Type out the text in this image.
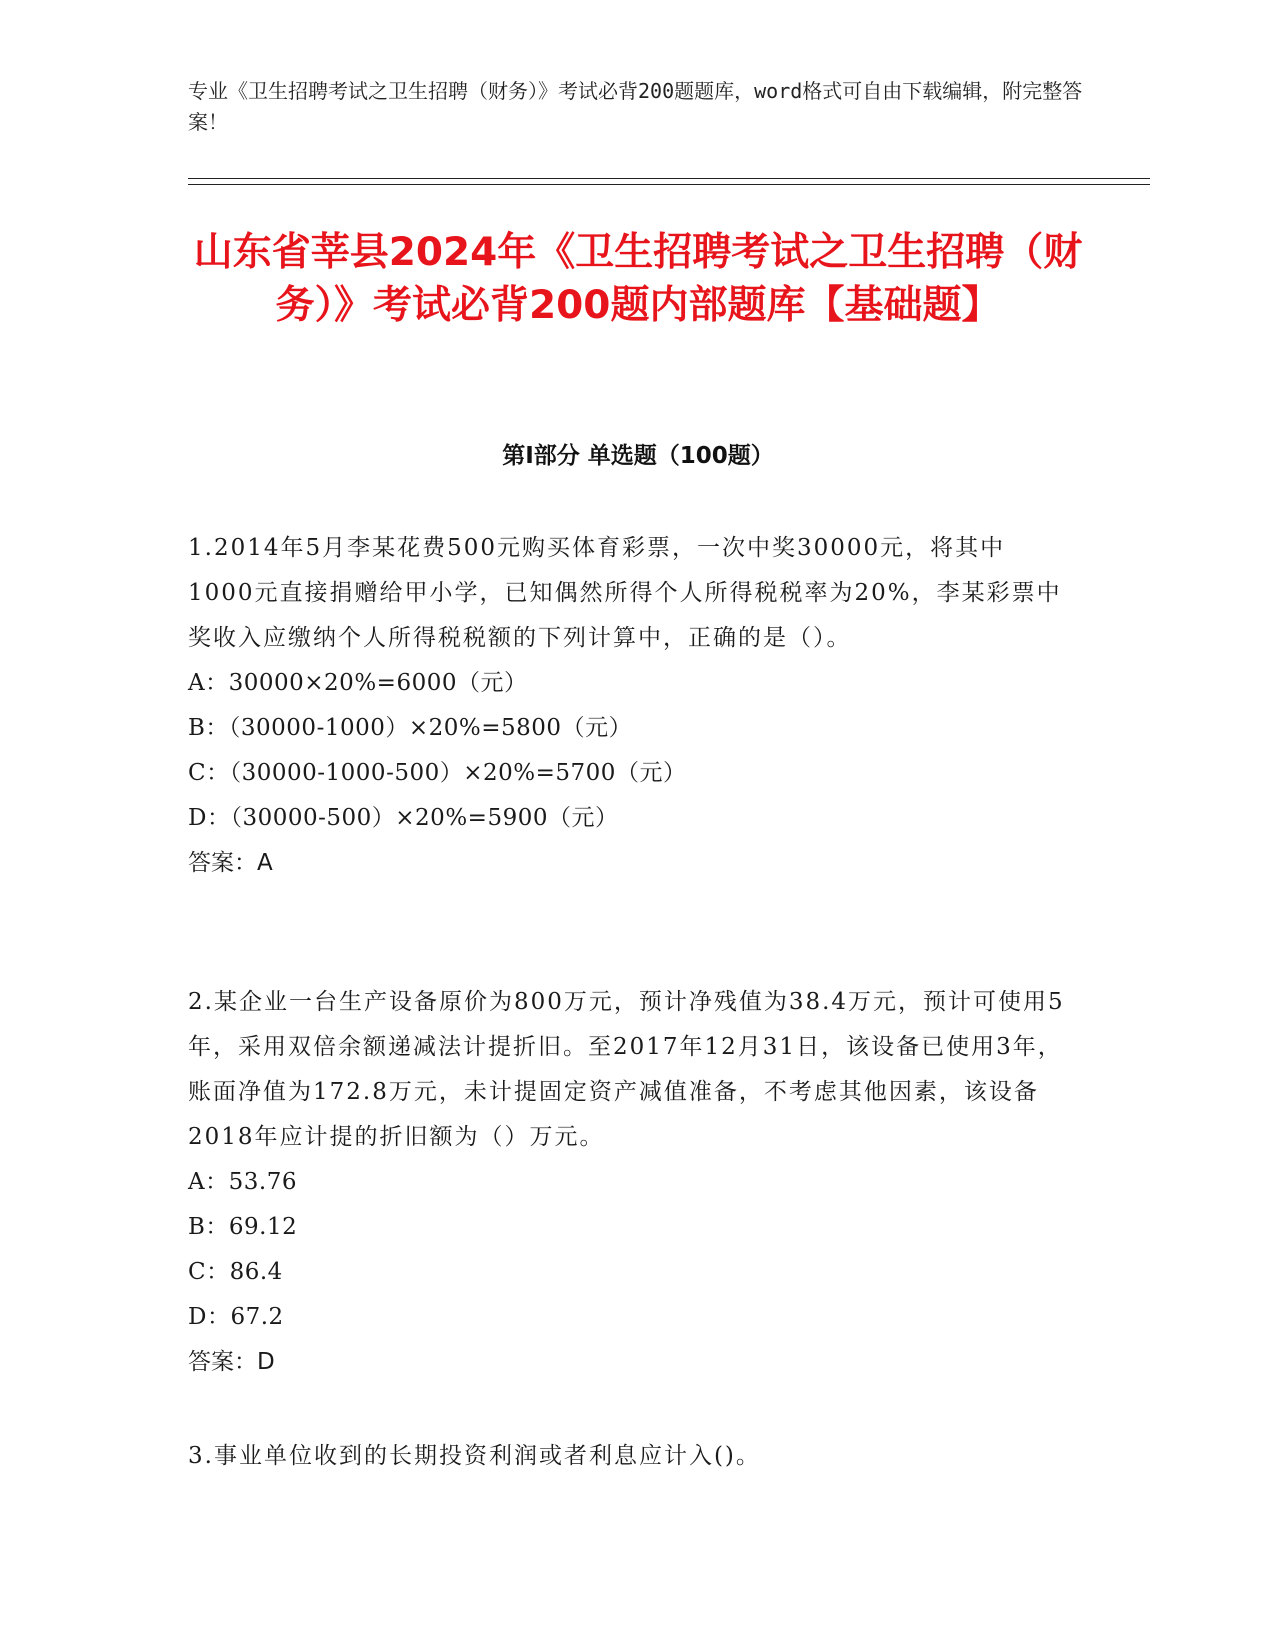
专业《卫生招聘考试之卫生招聘（财务）》考试必背200题题库，word格式可自由下载编辑，附完整答案！
山东省莘县2024年《卫生招聘考试之卫生招聘（财务）》考试必背200题内部题库【基础题】
第I部分 单选题（100题）
1.2014年5月李某花费500元购买体育彩票，一次中奖30000元，将其中1000元直接捐赠给甲小学，已知偶然所得个人所得税税率为20%，李某彩票中奖收入应缴纳个人所得税税额的下列计算中，正确的是（）。
A：30000×20%=6000（元）
B：（30000-1000）×20%=5800（元）
C：（30000-1000-500）×20%=5700（元）
D：（30000-500）×20%=5900（元）
答案：A
2.某企业一台生产设备原价为800万元，预计净残值为38.4万元，预计可使用5年，采用双倍余额递减法计提折旧。至2017年12月31日，该设备已使用3年，账面净值为172.8万元，未计提固定资产减值准备，不考虑其他因素，该设备2018年应计提的折旧额为（）万元。
A：53.76
B：69.12
C：86.4
D：67.2
答案：D
3.事业单位收到的长期投资利润或者利息应计入()。
